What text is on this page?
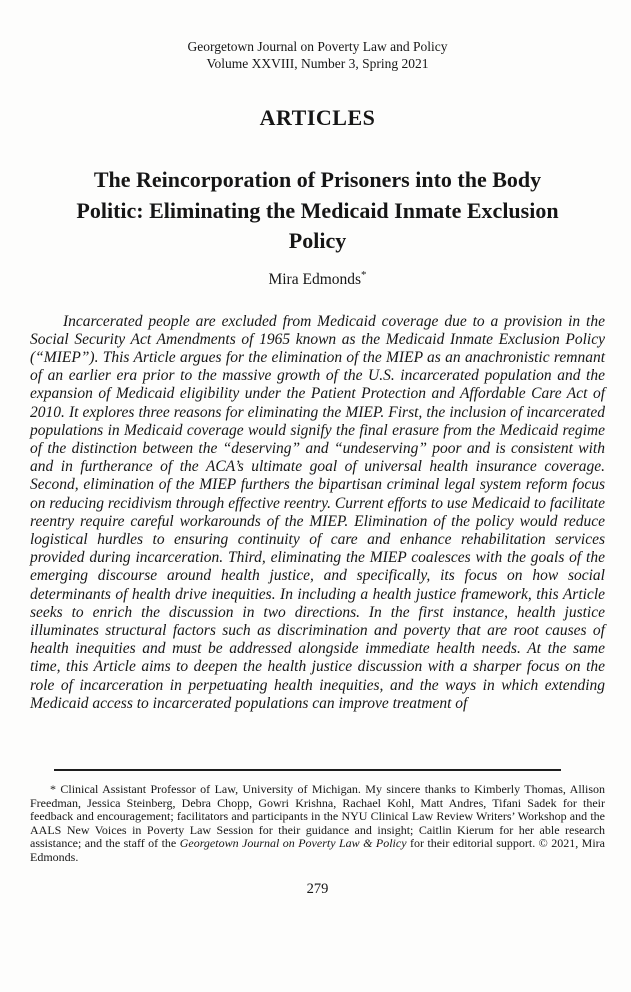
Georgetown Journal on Poverty Law and Policy
Volume XXVIII, Number 3, Spring 2021
ARTICLES
The Reincorporation of Prisoners into the Body
Politic: Eliminating the Medicaid Inmate Exclusion
Policy
Mira Edmonds*

Incarcerated people are excluded from Medicaid coverage due to a provision in the Social Security Act Amendments of 1965 known as the Medicaid Inmate Exclusion Policy (“MIEP”). This Article argues for the elimination of the MIEP as an anachronistic remnant of an earlier era prior to the massive growth of the U.S. incarcerated population and the expansion of Medicaid eligibility under the Patient Protection and Affordable Care Act of 2010. It explores three reasons for eliminating the MIEP. First, the inclusion of incarcerated populations in Medicaid coverage would signify the final erasure from the Medicaid regime of the distinction between the “deserving” and “undeserving” poor and is consistent with and in furtherance of the ACA’s ultimate goal of universal health insurance coverage. Second, elimination of the MIEP furthers the bipartisan criminal legal system reform focus on reducing recidivism through effective reentry. Current efforts to use Medicaid to facilitate reentry require careful workarounds of the MIEP. Elimination of the policy would reduce logistical hurdles to ensuring continuity of care and enhance rehabilitation services provided during incarceration. Third, eliminating the MIEP coalesces with the goals of the emerging discourse around health justice, and specifically, its focus on how social determinants of health drive inequities. In including a health justice framework, this Article seeks to enrich the discussion in two directions. In the first instance, health justice illuminates structural factors such as discrimination and poverty that are root causes of health inequities and must be addressed alongside immediate health needs. At the same time, this Article aims to deepen the health justice discussion with a sharper focus on the role of incarceration in perpetuating health inequities, and the ways in which extending Medicaid access to incarcerated populations can improve treatment of

* Clinical Assistant Professor of Law, University of Michigan. My sincere thanks to Kimberly Thomas, Allison Freedman, Jessica Steinberg, Debra Chopp, Gowri Krishna, Rachael Kohl, Matt Andres, Tifani Sadek for their feedback and encouragement; facilitators and participants in the NYU Clinical Law Review Writers’ Workshop and the AALS New Voices in Poverty Law Session for their guidance and insight; Caitlin Kierum for her able research assistance; and the staff of the Georgetown Journal on Poverty Law & Policy for their editorial support. © 2021, Mira Edmonds.

279
